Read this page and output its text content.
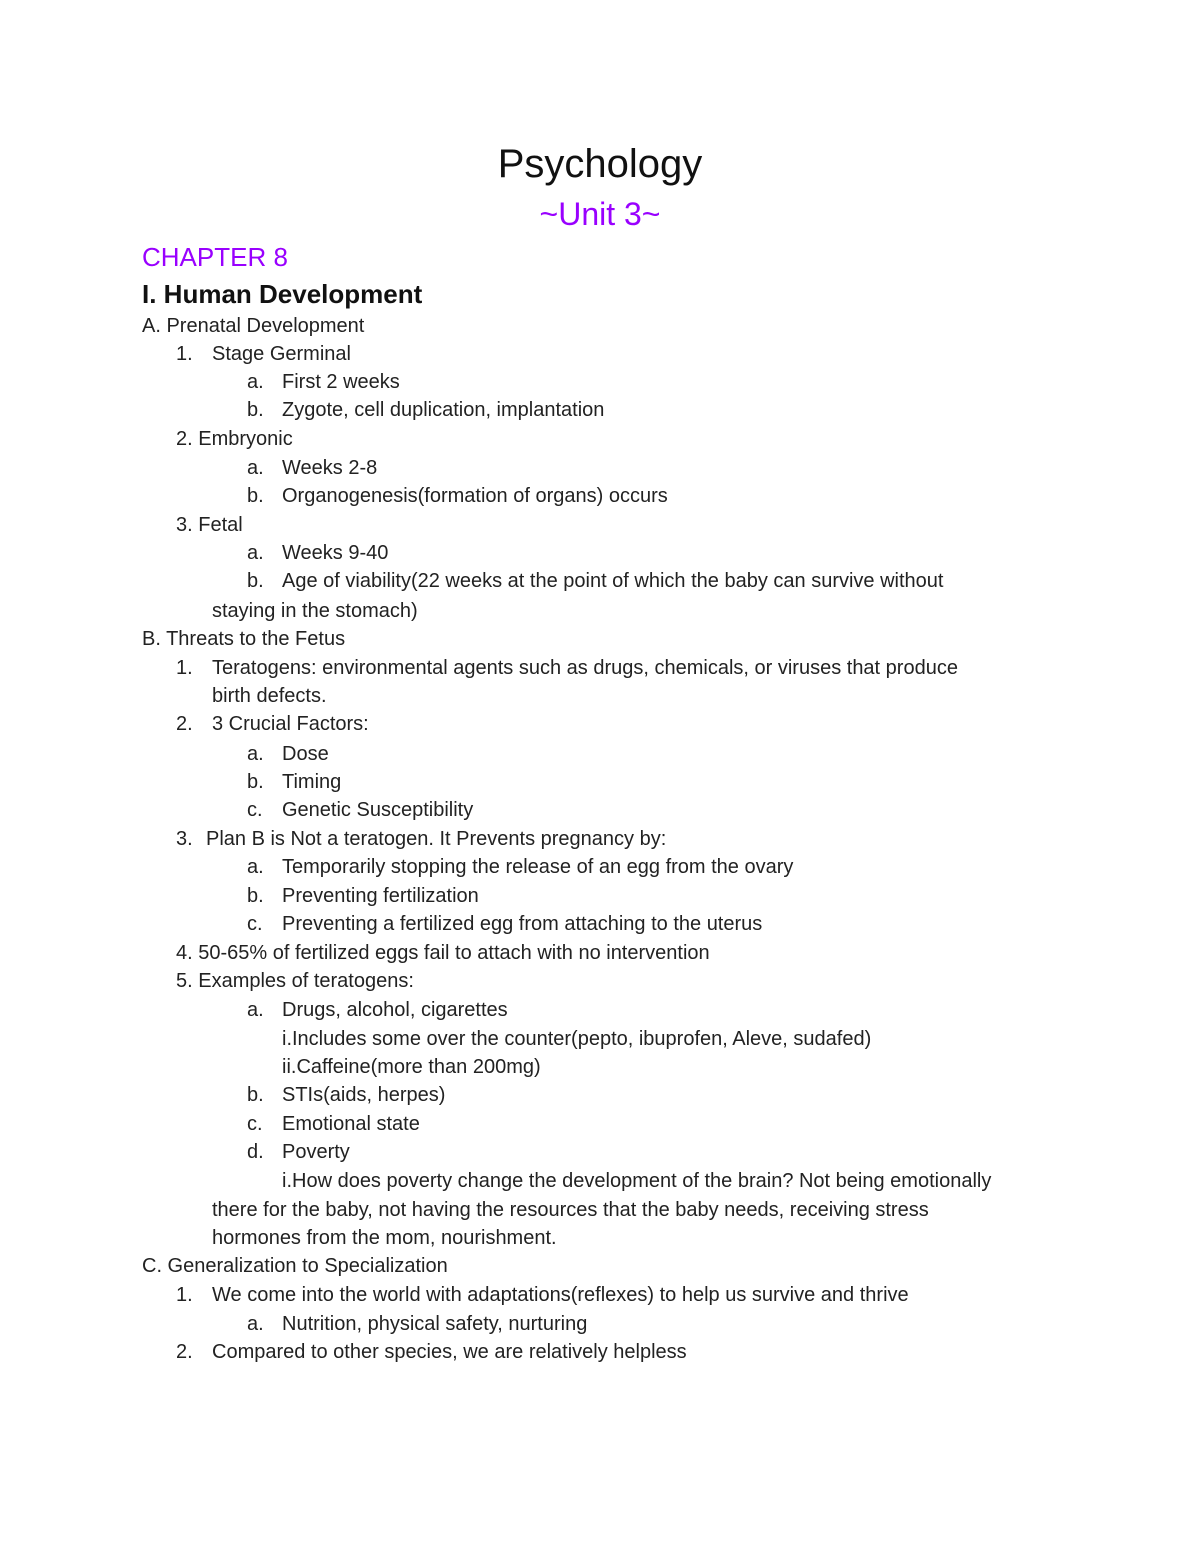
Psychology
~Unit 3~
CHAPTER 8
I. Human Development
A. Prenatal Development
1. Stage Germinal
a. First 2 weeks
b. Zygote, cell duplication, implantation
2. Embryonic
a. Weeks 2-8
b. Organogenesis(formation of organs) occurs
3. Fetal
a. Weeks 9-40
b. Age of viability(22 weeks at the point of which the baby can survive without
staying in the stomach)
B. Threats to the Fetus
1. Teratogens: environmental agents such as drugs, chemicals, or viruses that produce
birth defects.
2. 3 Crucial Factors:
a. Dose
b. Timing
c. Genetic Susceptibility
3. Plan B is Not a teratogen. It Prevents pregnancy by:
a. Temporarily stopping the release of an egg from the ovary
b. Preventing fertilization
c. Preventing a fertilized egg from attaching to the uterus
4. 50-65% of fertilized eggs fail to attach with no intervention
5. Examples of teratogens:
a. Drugs, alcohol, cigarettes
i.Includes some over the counter(pepto, ibuprofen, Aleve, sudafed)
ii.Caffeine(more than 200mg)
b. STIs(aids, herpes)
c. Emotional state
d. Poverty
i.How does poverty change the development of the brain? Not being emotionally
there for the baby, not having the resources that the baby needs, receiving stress
hormones from the mom, nourishment.
C. Generalization to Specialization
1. We come into the world with adaptations(reflexes) to help us survive and thrive
a. Nutrition, physical safety, nurturing
2. Compared to other species, we are relatively helpless
